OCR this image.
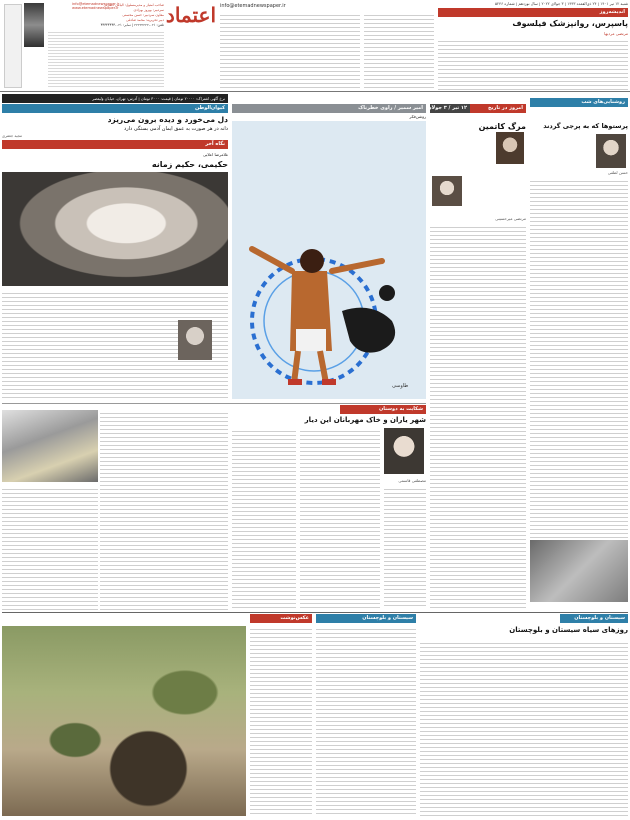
صاحب امتیاز و مدیرمسئول: الیاس حضرتی
سردبیر: بهروز بهزادی
معاون سردبیر: حسن محسنی
دبیر تحریریه: محمد صادقی
تلفن: ۰۲۱-۲۲۲۲۲۲۲۲ | نمابر: ۰۲۱-۴۴۴۴۴۴۴۴
info@etemadnewspaper.ir
www.etemadnewspaper.ir	اعتماد info@etemadnewspaper.ir	شنبه ۱۲ تیر ۱۴۰۱ | ۲۴ ذی‌القعده ۱۴۴۳ | ۳ جولای ۲۰۲۲ | سال نوزدهم | شماره ۵۲۴۶
اندیشه‌روز
پاسپرس، روانپزشک فیلسوف
مرتضی مردیها
نرخ آگهی اشتراک: ۲۰۰۰۰ تومان | قیمت: ۳۰۰۰ تومان | آدرس: تهران، خیابان ولیعصر
کیوان‌الوطن
دل می‌خورد و دیده برون می‌ریزد
دانه در هر صورت به عمق ایمان آدمی بستگی دارد
مجید جعفری
نگاه آخر
غلامرضا اعلایی
حکیمی، حکیم زمانه
امیر سمیر / راوی خطرناک
روشن‌فکر
طاوسی
امروز در تاریخ
۱۲ تیر / ۳ جولای
مرگ کاتمین
مرتضی میرحسینی
روشنایی‌های شب
پرستو‌ها که به ‌پرجی گردند
حسن لطفی
شکایت به دوستان
شهر یاران و خاک مهربانان این دیار
مصطفی قاسمی
سیستان و بلوچستان
روز‌های سیاه سیستان و بلوچستان
سیستان و بلوچستان
عکس‌نوشت
